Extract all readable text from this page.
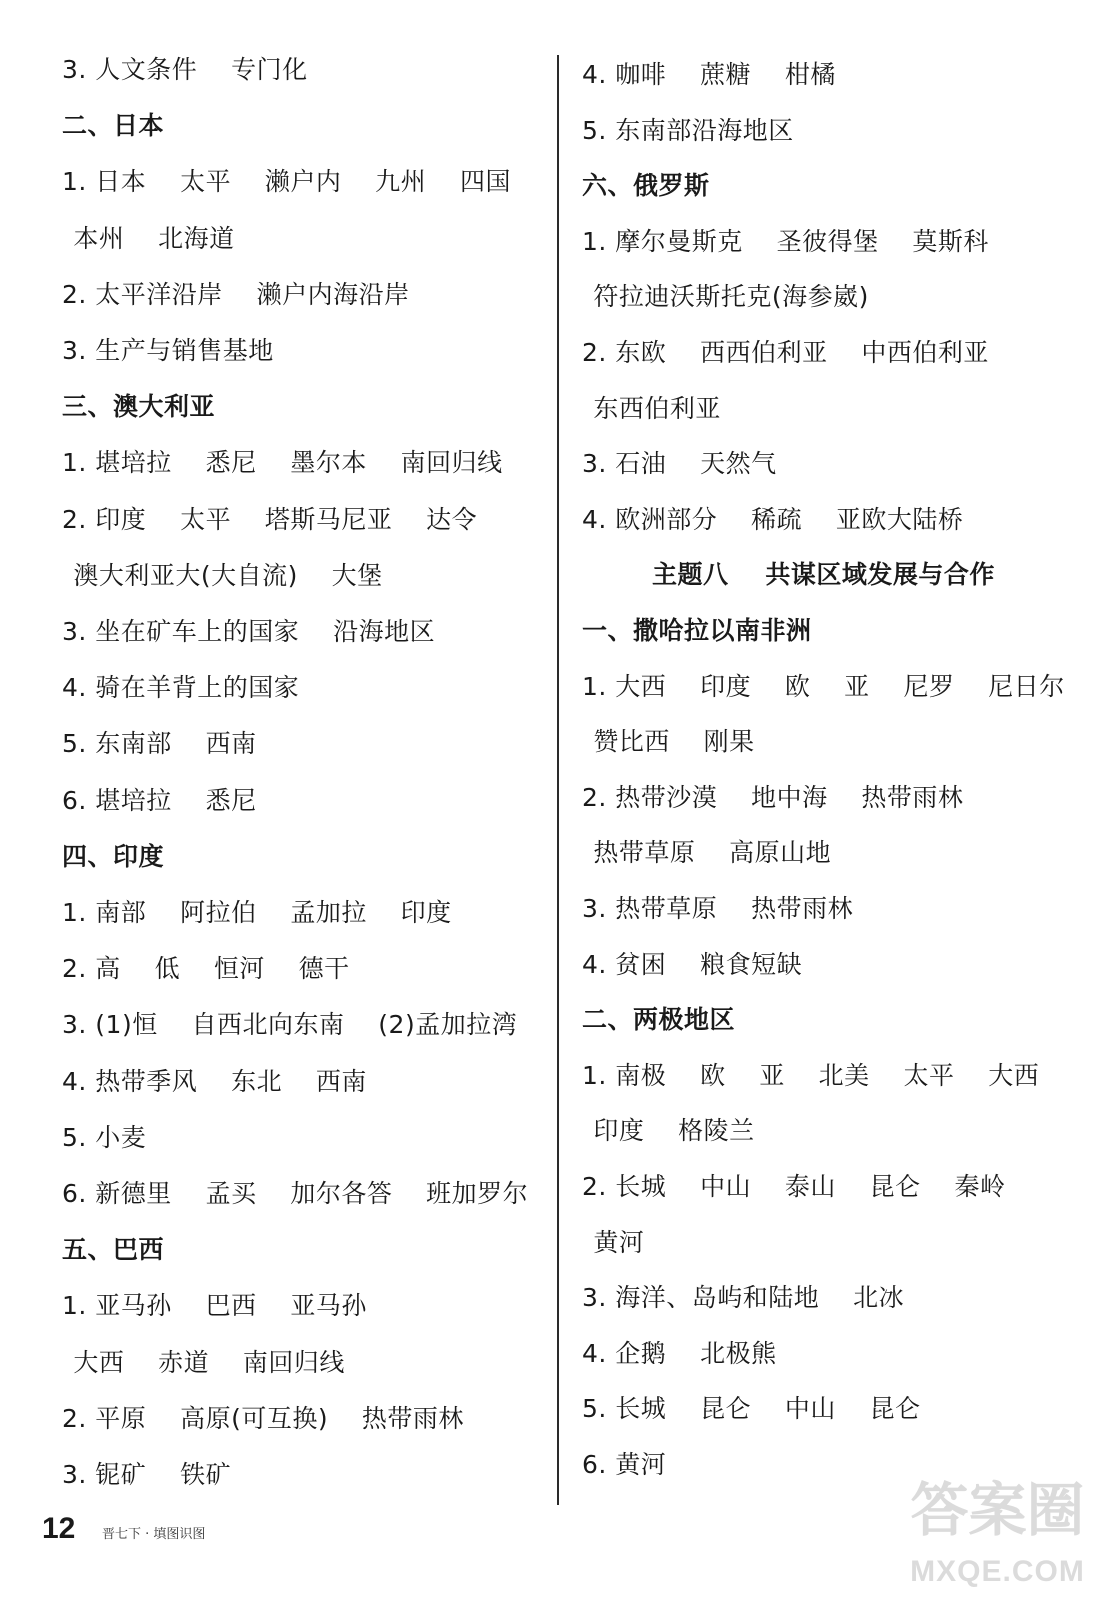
3. 人文条件    专门化
二、日本
1. 日本    太平    濑户内    九州    四国
本州    北海道
2. 太平洋沿岸    濑户内海沿岸
3. 生产与销售基地
三、澳大利亚
1. 堪培拉    悉尼    墨尔本    南回归线
2. 印度    太平    塔斯马尼亚    达令
澳大利亚大(大自流)    大堡
3. 坐在矿车上的国家    沿海地区
4. 骑在羊背上的国家
5. 东南部    西南
6. 堪培拉    悉尼
四、印度
1. 南部    阿拉伯    孟加拉    印度
2. 高    低    恒河    德干
3. (1)恒    自西北向东南    (2)孟加拉湾
4. 热带季风    东北    西南
5. 小麦
6. 新德里    孟买    加尔各答    班加罗尔
五、巴西
1. 亚马孙    巴西    亚马孙
大西    赤道    南回归线
2. 平原    高原(可互换)    热带雨林
3. 铌矿    铁矿
4. 咖啡    蔗糖    柑橘
5. 东南部沿海地区
六、俄罗斯
1. 摩尔曼斯克    圣彼得堡    莫斯科
符拉迪沃斯托克(海参崴)
2. 东欧    西西伯利亚    中西伯利亚
东西伯利亚
3. 石油    天然气
4. 欧洲部分    稀疏    亚欧大陆桥
主题八    共谋区域发展与合作
一、撒哈拉以南非洲
1. 大西    印度    欧    亚    尼罗    尼日尔
赞比西    刚果
2. 热带沙漠    地中海    热带雨林
热带草原    高原山地
3. 热带草原    热带雨林
4. 贫困    粮食短缺
二、两极地区
1. 南极    欧    亚    北美    太平    大西
印度    格陵兰
2. 长城    中山    泰山    昆仑    秦岭
黄河
3. 海洋、岛屿和陆地    北冰
4. 企鹅    北极熊
5. 长城    昆仑    中山    昆仑
6. 黄河
12 晋七下 · 填图识图	答案圈
MXQE.COM
